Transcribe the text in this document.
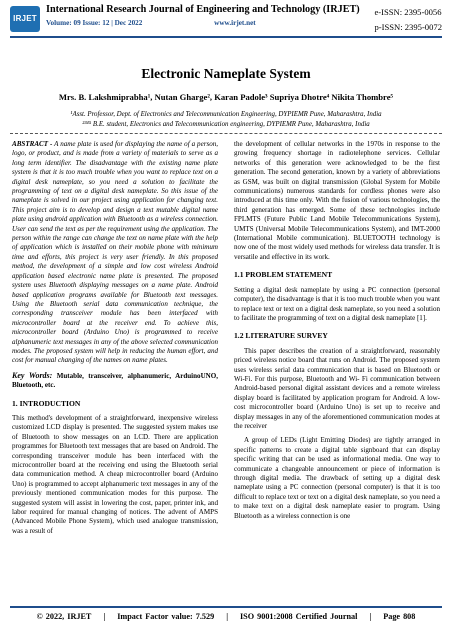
IRJET
International Research Journal of Engineering and Technology (IRJET)
Volume: 09 Issue: 12 | Dec 2022	www.irjet.net
e-ISSN: 2395-0056
p-ISSN: 2395-0072
Electronic Nameplate System
Mrs. B. Lakshmiprabha¹, Nutan Gharge², Karan Padole³ Supriya Dhotre⁴ Nikita Thombre⁵
¹Asst. Professor, Dept. of Electronics and Telecommunication Engineering, DYPIEMR Pune, Maharashtra, India
²³⁴⁵ B.E. student, Electronics and Telecommunication engineering, DYPIEMR Pune, Maharashtra, India

ABSTRACT - A name plate is used for displaying the name of a person, logo, or product, and is made from a variety of materials to serve as a long term identifier. The disadvantage with the existing name plate system is that it is too much trouble when you want to replace text on a digital desk nameplate, so you need a solution to facilitate the programming of text on a digital desk nameplate. So this issue of the nameplate is solved in our project using application for changing text. This project aim is to develop and design a text mutable digital name plate using android application with Bluetooth as a wireless connection. User can send the text as per the requirement using the application. The person within the range can change the text on name plate with the help of application which is installed on their mobile phone with minimum time and efforts, this project is very user friendly. In this proposed method, the development of a simple and low cost wireless Android application based electronic name plate is presented. The proposed system uses Bluetooth displaying messages on a name plate. Android based application programs available for Bluetooth text messages. Using the Bluetooth serial data communication technique, the corresponding transceiver module has been interfaced with microcontroller board at the receiver end. To achieve this, microcontroller board (Arduino Uno) is programmed to receive alphanumeric text messages in any of the above selected communication modes. The proposed system will help in reducing the human effort, and cost for manual changing of the names on name plates.

Key Words: Mutable, transceiver, alphanumeric, ArduinoUNO, Bluetooth, etc.

1. INTRODUCTION

This method's development of a straightforward, inexpensive wireless customized LCD display is presented. The suggested system makes use of Bluetooth to show messages on an LCD. There are application programmes for Bluetooth text messages that are based on Android. The corresponding transceiver module has been interfaced with the microcontroller board at the receiving end using the Bluetooth serial data communication method. A cheap microcontroller board (Arduino Uno) is programmed to accept alphanumeric text messages in any of the previously mentioned communication modes for this purpose. The suggested system will assist in lowering the cost, paper, printer ink, and labor required for manual changing of notices. The advent of AMPS (Advanced Mobile Phone System), which used analogue transmission, was a result of

the development of cellular networks in the 1970s in response to the growing frequency shortage in radiotelephone services. Cellular networks of this generation were acknowledged to be the first generation. The second generation, known by a variety of abbreviations as GSM, was built on digital transmission (Global System for Mobile communications) numerous standards for cordless phones were also introduced at this time only. With the fusion of various technologies, the third generation has emerged. Some of these technologies include FPLMTS (Future Public Land Mobile Telecommunications System), UMTS (Universal Mobile Telecommunications System), and IMT-2000 (International Mobile communication). BLUETOOTH technology is now one of the most widely used methods for wireless data transfer. It is versatile and effective in its work.

1.1 PROBLEM STATEMENT

Setting a digital desk nameplate by using a PC connection (personal computer), the disadvantage is that it is too much trouble when you want to replace text or text on a digital desk nameplate, so you need a solution to facilitate the programming of text on a digital desk nameplate [1].

1.2 LITERATURE SURVEY

This paper describes the creation of a straightforward, reasonably priced wireless notice board that runs on Android. The proposed system uses wireless serial data communication that is based on Bluetooth or Wi-Fi. For this purpose, Bluetooth and Wi- Fi communication between Android-based personal digital assistant devices and a remote wireless display board is facilitated by application program for Android. A low-cost microcontroller board (Arduino Uno) is set up to receive and display messages in any of the aforementioned communication modes at the receiver

A group of LEDs (Light Emitting Diodes) are tightly arranged in specific patterns to create a digital table signboard that can display specific writing that can be used as informational media. One way to communicate a changeable announcement or piece of information is through digital media. The drawback of setting up a digital desk nameplate using a PC connection (personal computer) is that it is too difficult to replace text or text on a digital desk nameplate, so you need a to make text on a digital desk nameplate easier to program. Using Bluetooth as a wireless connection is one

© 2022, IRJET | Impact Factor value: 7.529 | ISO 9001:2008 Certified Journal | Page 808
